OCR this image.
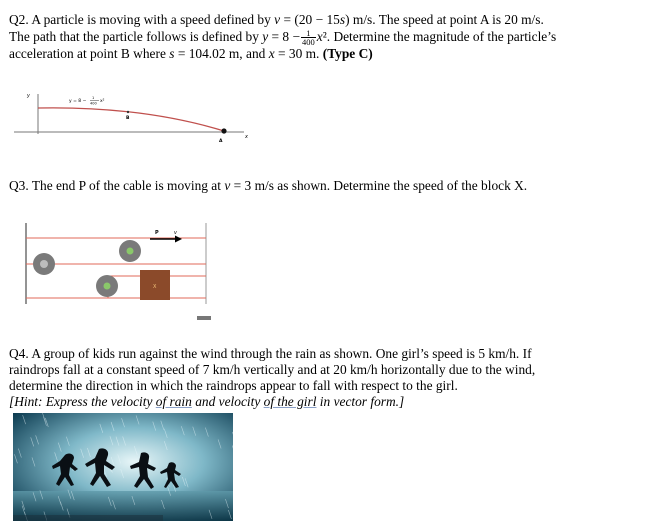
Q2. A particle is moving with a speed defined by v = (20 − 15s) m/s. The speed at point A is 20 m/s.

The path that the particle follows is defined by $y = 8 - \frac{1}{400} x^2$. Determine the magnitude of the particle’s

acceleration at point B where s = 104.02 m, and x = 30 m. (Type C)

y
x
y = 8 −
1
400 x²
B
A

Q3. The end P of the cable is moving at v = 3 m/s as shown. Determine the speed of the block X.

X
P	v

Q4. A group of kids run against the wind through the rain as shown. One girl’s speed is 5 km/h. If

raindrops fall at a constant speed of 7 km/h vertically and at 20 km/h horizontally due to the wind,

determine the direction in which the raindrops appear to fall with respect to the girl.

[Hint: Express the velocity of rain and velocity of the girl in vector form.]
